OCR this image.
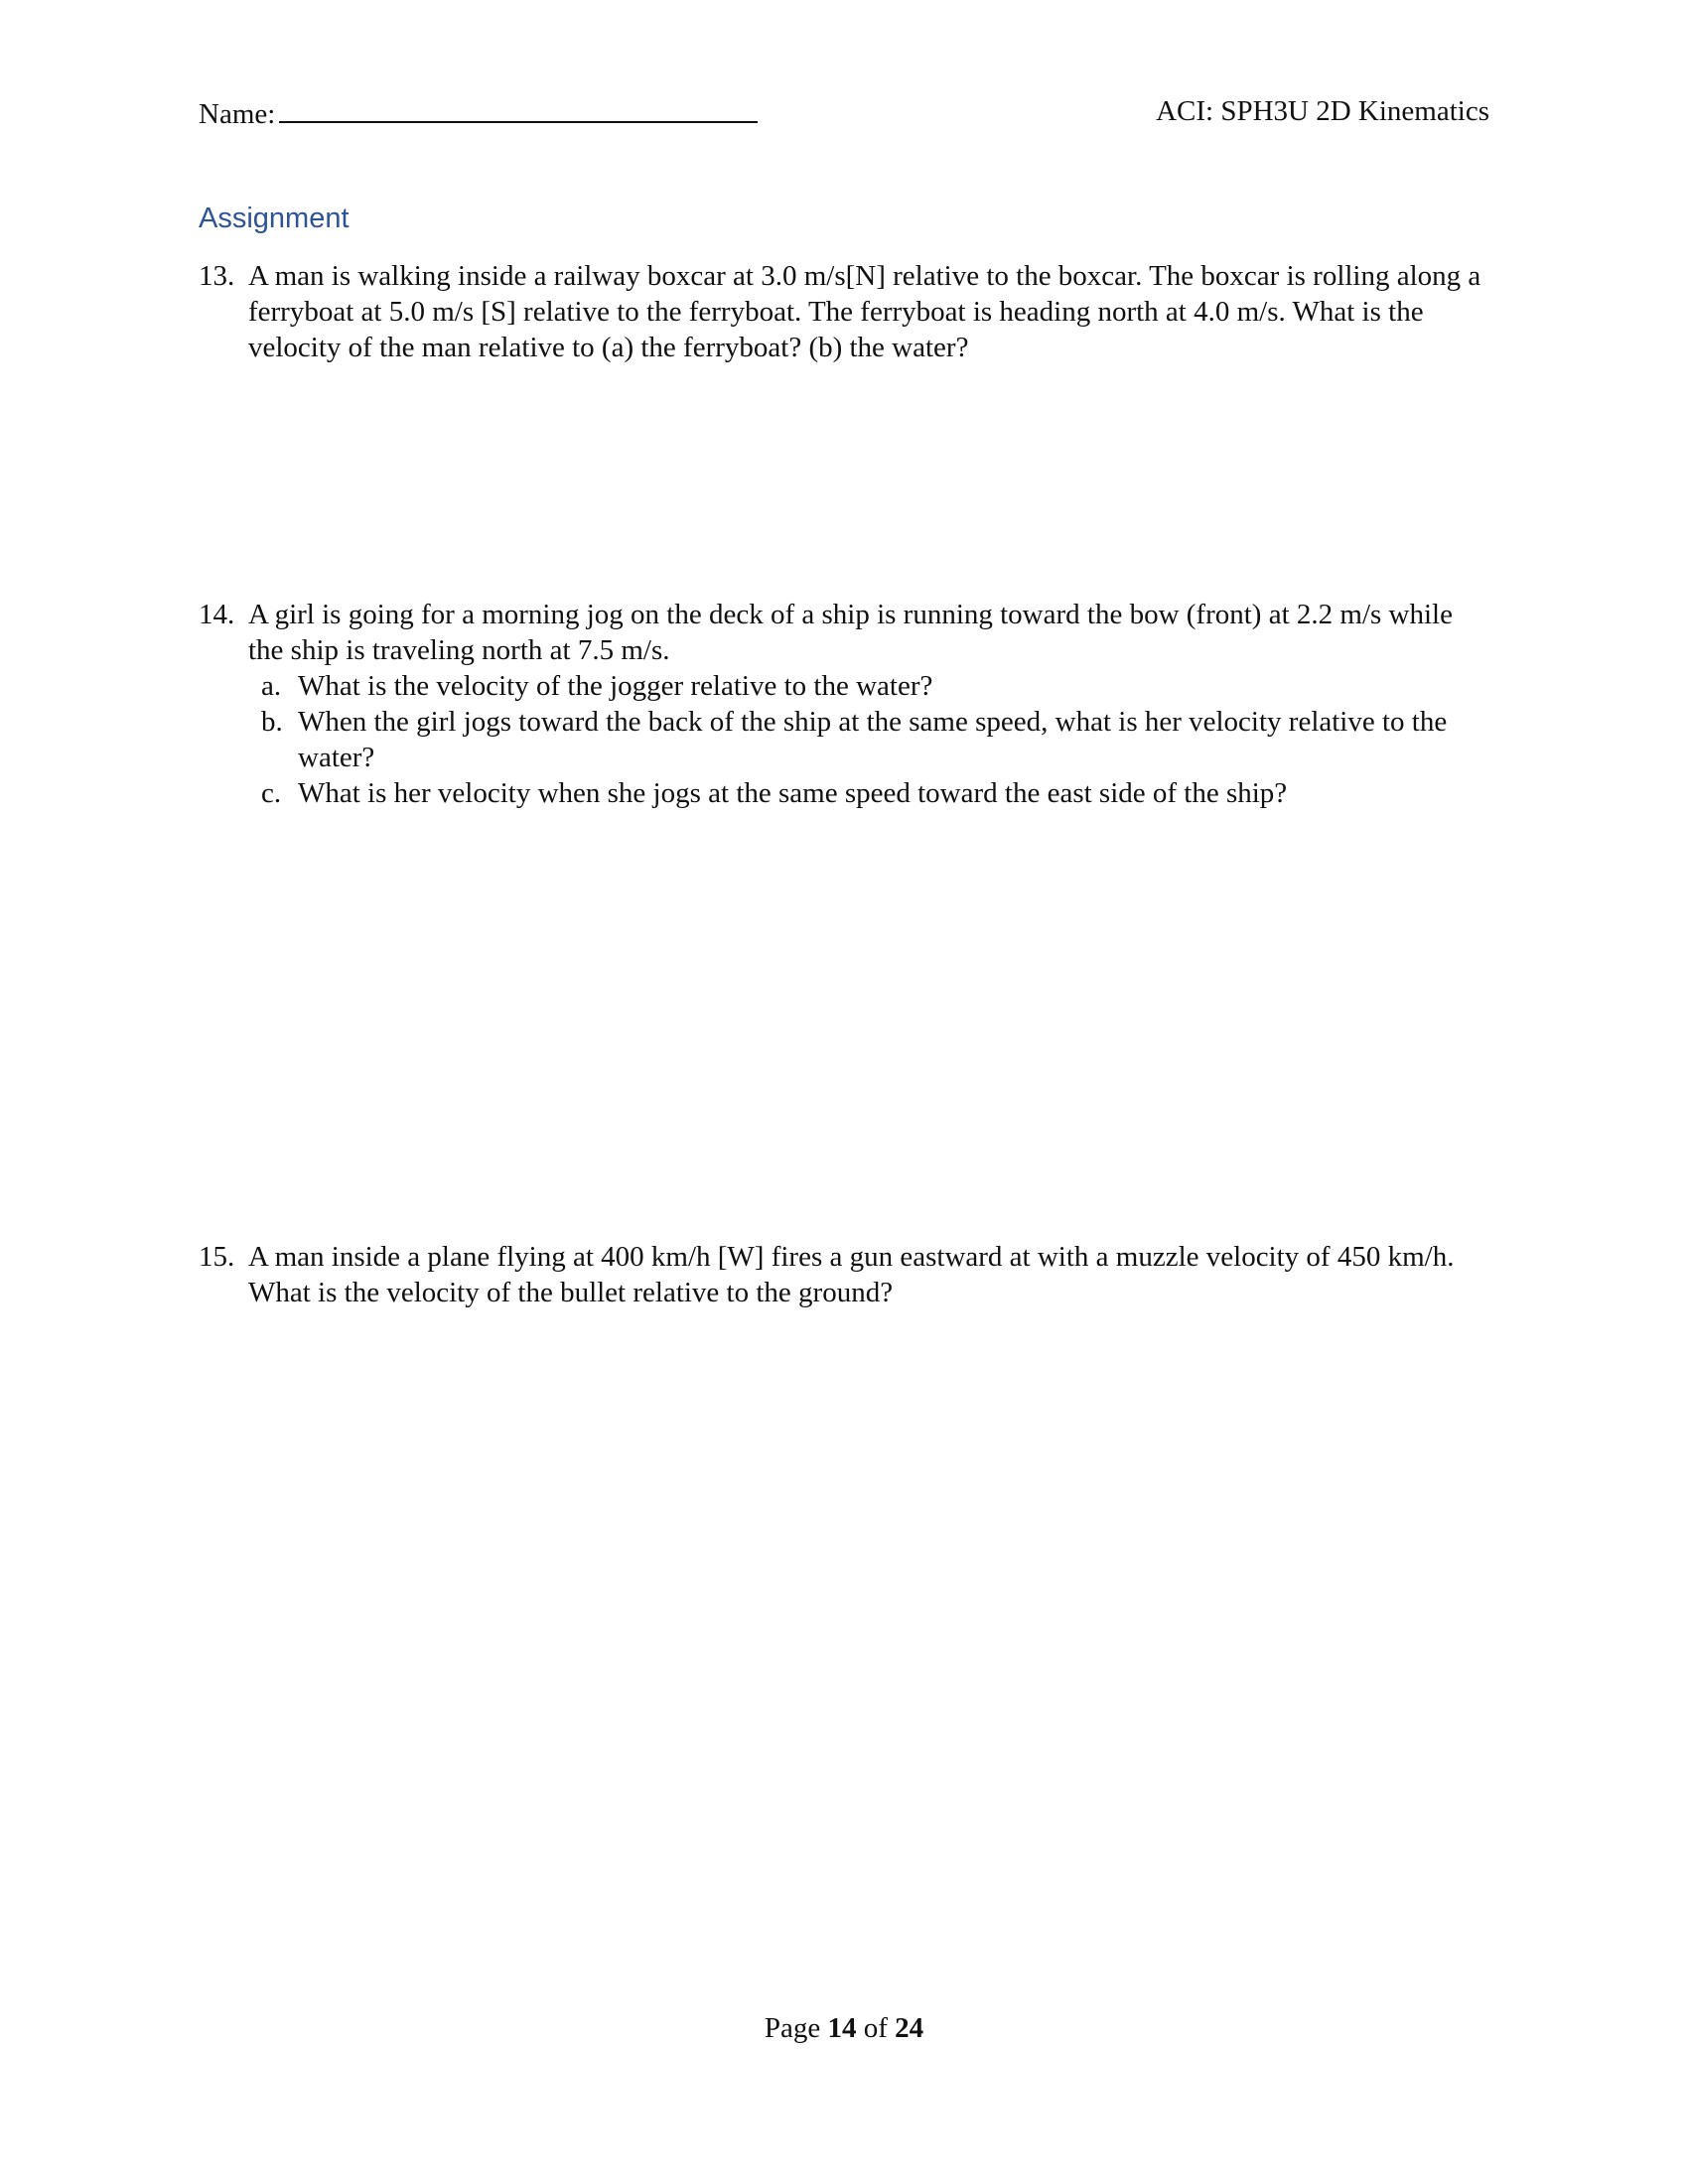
Name:	ACI: SPH3U 2D Kinematics
Assignment
13. A man is walking inside a railway boxcar at 3.0 m/s[N] relative to the boxcar. The boxcar is rolling along a ferryboat at 5.0 m/s [S] relative to the ferryboat. The ferryboat is heading north at 4.0 m/s. What is the velocity of the man relative to (a) the ferryboat? (b) the water?
14. A girl is going for a morning jog on the deck of a ship is running toward the bow (front) at 2.2 m/s while the ship is traveling north at 7.5 m/s.
a. What is the velocity of the jogger relative to the water?
b. When the girl jogs toward the back of the ship at the same speed, what is her velocity relative to the water?
c. What is her velocity when she jogs at the same speed toward the east side of the ship?
15. A man inside a plane flying at 400 km/h [W] fires a gun eastward at with a muzzle velocity of 450 km/h. What is the velocity of the bullet relative to the ground?
Page 14 of 24
